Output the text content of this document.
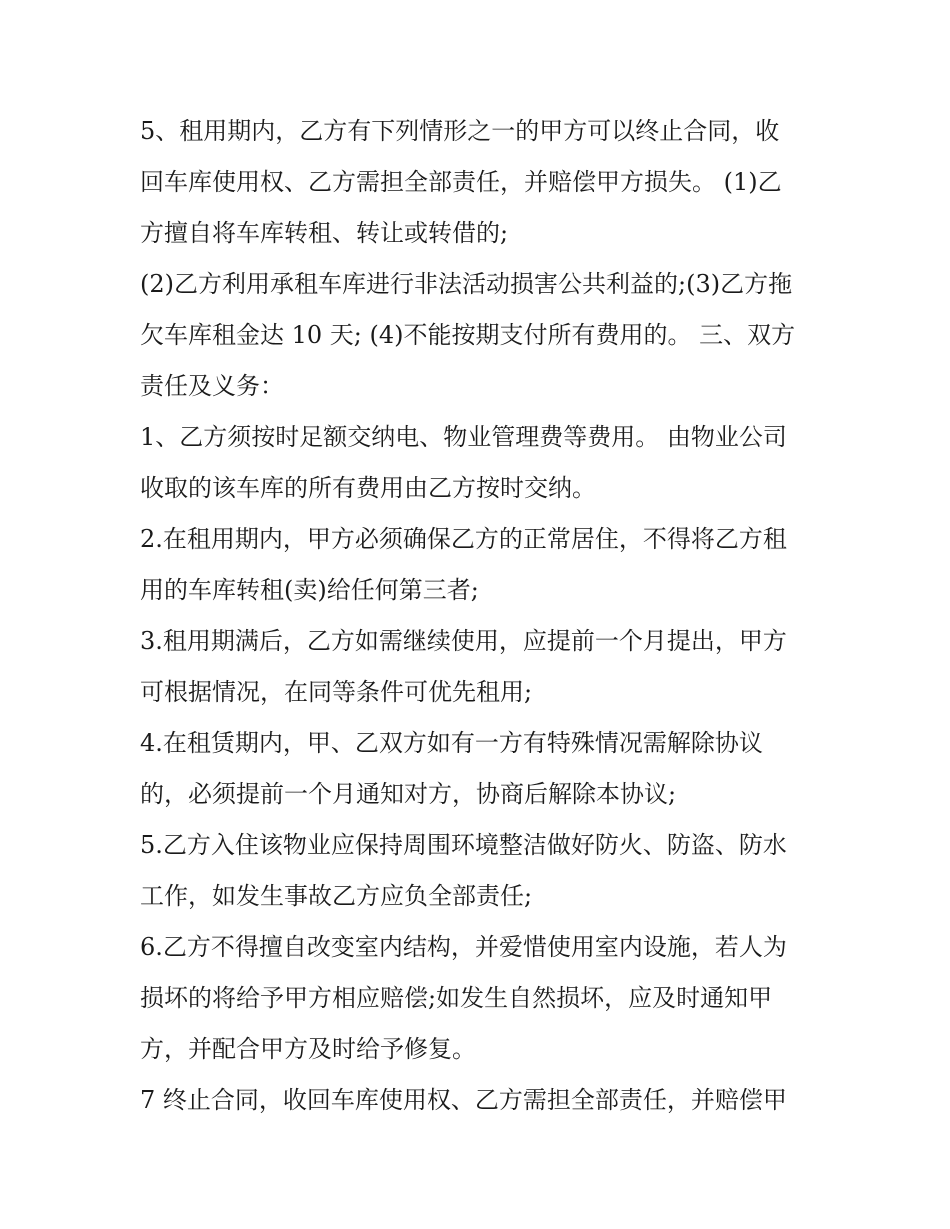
5、租用期内，乙方有下列情形之一的甲方可以终止合同，收
回车库使用权、乙方需担全部责任，并赔偿甲方损失。 (1)乙
方擅自将车库转租、转让或转借的;
(2)乙方利用承租车库进行非法活动损害公共利益的;(3)乙方拖
欠车库租金达 10 天; (4)不能按期支付所有费用的。 三、双方
责任及义务：
1、乙方须按时足额交纳电、物业管理费等费用。 由物业公司
收取的该车库的所有费用由乙方按时交纳。
2.在租用期内，甲方必须确保乙方的正常居住，不得将乙方租
用的车库转租(卖)给任何第三者;
3.租用期满后，乙方如需继续使用，应提前一个月提出，甲方
可根据情况，在同等条件可优先租用;
4.在租赁期内，甲、乙双方如有一方有特殊情况需解除协议
的，必须提前一个月通知对方，协商后解除本协议;
5.乙方入住该物业应保持周围环境整洁做好防火、防盗、防水
工作，如发生事故乙方应负全部责任;
6.乙方不得擅自改变室内结构，并爱惜使用室内设施，若人为
损坏的将给予甲方相应赔偿;如发生自然损坏，应及时通知甲
方，并配合甲方及时给予修复。
7 终止合同，收回车库使用权、乙方需担全部责任，并赔偿甲
